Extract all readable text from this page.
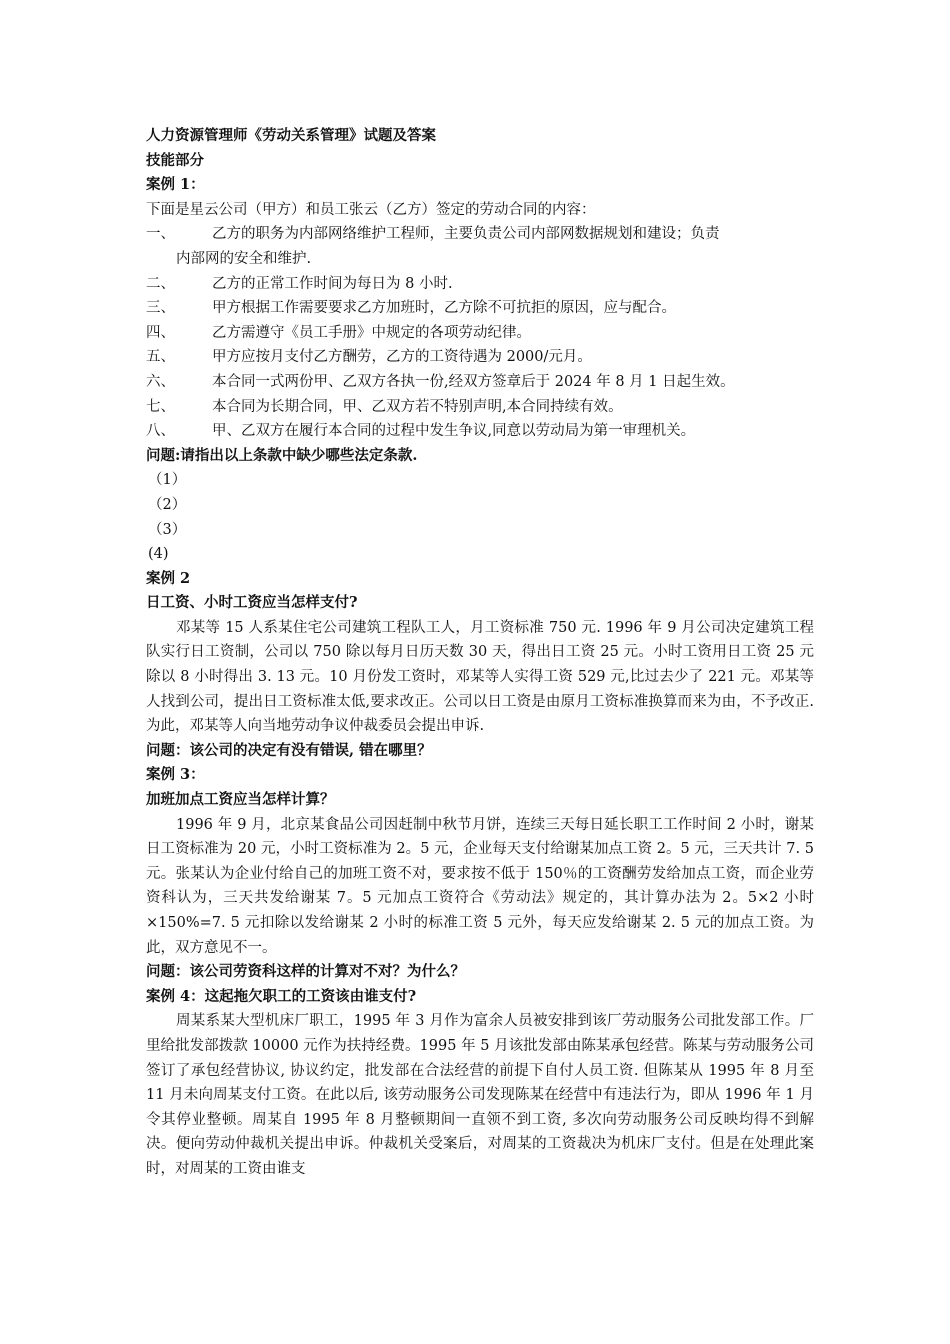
人力资源管理师《劳动关系管理》试题及答案
技能部分
案例 1：
下面是星云公司（甲方）和员工张云（乙方）签定的劳动合同的内容：
一、	乙方的职务为内部网络维护工程师，主要负责公司内部网数据规划和建设；负责
内部网的安全和维护.
二、	乙方的正常工作时间为每日为 8 小时.
三、	甲方根据工作需要要求乙方加班时，乙方除不可抗拒的原因，应与配合。
四、	乙方需遵守《员工手册》中规定的各项劳动纪律。
五、	甲方应按月支付乙方酬劳，乙方的工资待遇为 2000/元月。
六、	本合同一式两份甲、乙双方各执一份,经双方签章后于 2024 年 8 月 1 日起生效。
七、	本合同为长期合同，甲、乙双方若不特别声明,本合同持续有效。
八、	甲、乙双方在履行本合同的过程中发生争议,同意以劳动局为第一审理机关。
问题:请指出以上条款中缺少哪些法定条款.
（1）
（2）
（3）
(4)
案例 2
日工资、小时工资应当怎样支付?
邓某等 15 人系某住宅公司建筑工程队工人，月工资标准 750 元. 1996 年 9 月公司决定建筑工程队实行日工资制，公司以 750 除以每月日历天数 30 天，得出日工资 25 元。小时工资用日工资 25 元除以 8 小时得出 3. 13 元。10 月份发工资时，邓某等人实得工资 529 元,比过去少了 221 元。邓某等人找到公司，提出日工资标准太低,要求改正。公司以日工资是由原月工资标准换算而来为由，不予改正. 为此，邓某等人向当地劳动争议仲裁委员会提出申诉.
问题：该公司的决定有没有错误, 错在哪里？
案例 3：
加班加点工资应当怎样计算？
1996 年 9 月，北京某食品公司因赶制中秋节月饼，连续三天每日延长职工工作时间 2 小时，谢某日工资标准为 20 元，小时工资标准为 2。5 元，企业每天支付给谢某加点工资 2。5 元，三天共计 7. 5 元。张某认为企业付给自己的加班工资不对，要求按不低于 150％的工资酬劳发给加点工资，而企业劳资科认为，三天共发给谢某 7。5 元加点工资符合《劳动法》规定的，其计算办法为 2。5×2 小时×150%=7. 5 元扣除以发给谢某 2 小时的标准工资 5 元外，每天应发给谢某 2. 5 元的加点工资。为此，双方意见不一。
问题：该公司劳资科这样的计算对不对？为什么？
案例 4：这起拖欠职工的工资该由谁支付?
周某系某大型机床厂职工，1995 年 3 月作为富余人员被安排到该厂劳动服务公司批发部工作。厂里给批发部拨款 10000 元作为扶持经费。1995 年 5 月该批发部由陈某承包经营。陈某与劳动服务公司签订了承包经营协议, 协议约定，批发部在合法经营的前提下自付人员工资. 但陈某从 1995 年 8 月至 11 月未向周某支付工资。在此以后, 该劳动服务公司发现陈某在经营中有违法行为，即从 1996 年 1 月令其停业整顿。周某自 1995 年 8 月整顿期间一直领不到工资, 多次向劳动服务公司反映均得不到解决。便向劳动仲裁机关提出申诉。仲裁机关受案后，对周某的工资裁决为机床厂支付。但是在处理此案时，对周某的工资由谁支
